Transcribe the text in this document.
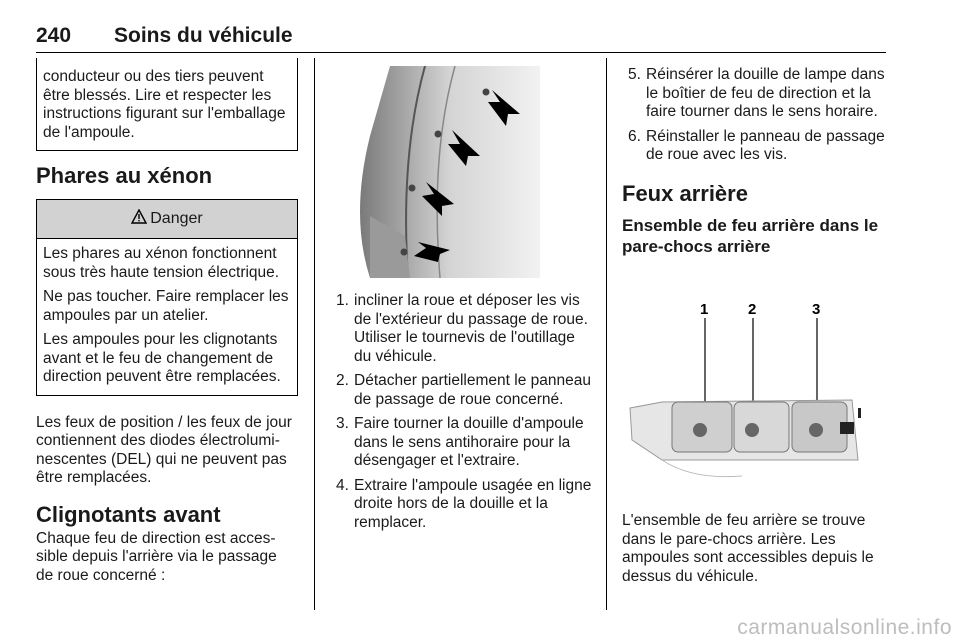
240 Soins du véhicule

conducteur ou des tiers peuvent être blessés. Lire et respecter les instructions figurant sur l'emballage de l'ampoule.

Phares au xénon
Danger

Les phares au xénon fonctionnent sous très haute tension électrique.

Ne pas toucher. Faire remplacer les ampoules par un atelier.

Les ampoules pour les clignotants avant et le feu de changement de direction peuvent être remplacées.

Les feux de position / les feux de jour contiennent des diodes électroluminescentes (DEL) qui ne peuvent pas être remplacées.

Clignotants avant

Chaque feu de direction est accessible depuis l'arrière via le passage de roue concerné :

1. incliner la roue et déposer les vis de l'extérieur du passage de roue. Utiliser le tournevis de l'outillage du véhicule.
2. Détacher partiellement le panneau de passage de roue concerné.
3. Faire tourner la douille d'ampoule dans le sens antihoraire pour la désengager et l'extraire.
4. Extraire l'ampoule usagée en ligne droite hors de la douille et la remplacer.
5. Réinsérer la douille de lampe dans le boîtier de feu de direction et la faire tourner dans le sens horaire.
6. Réinstaller le panneau de passage de roue avec les vis.
Feux arrière
Ensemble de feu arrière dans le pare-chocs arrière
1	2	3

L'ensemble de feu arrière se trouve dans le pare-chocs arrière. Les ampoules sont accessibles depuis le dessus du véhicule.

carmanualsonline.info
